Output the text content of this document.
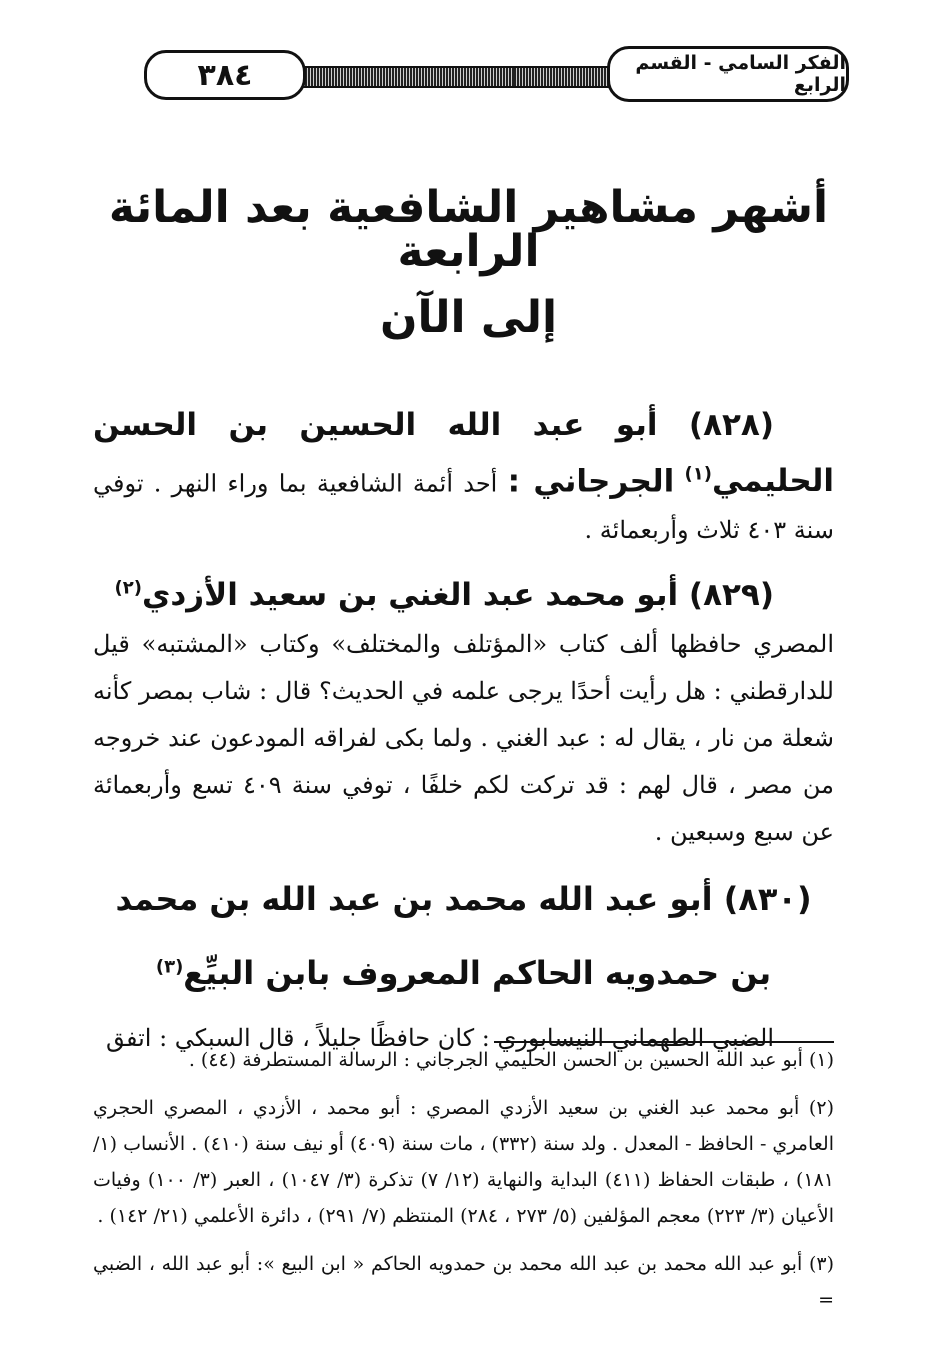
٣٨٤	الفكر السامي - القسم الرابع
أشهر مشاهير الشافعية بعد المائة الرابعة
إلى الآن

(٨٢٨) أبو عبد الله الحسين بن الحسن الحليمي$^{(١)}$ الجرجاني : أحد أئمة الشافعية بما وراء النهر . توفي سنة ٤٠٣ ثلاث وأربعمائة .

(٨٢٩) أبو محمد عبد الغني بن سعيد الأزدي$^{(٢)}$
المصري حافظها ألف كتاب «المؤتلف والمختلف» وكتاب «المشتبه» قيل للدارقطني : هل رأيت أحدًا يرجى علمه في الحديث؟ قال : شاب بمصر كأنه شعلة من نار ، يقال له : عبد الغني . ولما بكى لفراقه المودعون عند خروجه من مصر ، قال لهم : قد تركت لكم خلفًا ، توفي سنة ٤٠٩ تسع وأربعمائة عن سبع وسبعين .

(٨٣٠) أبو عبد الله محمد بن عبد الله بن محمد بن حمدويه الحاكم المعروف بابن البيِّع$^{(٣)}$

الضبي الطهماني النيسابوري : كان حافظًا جليلاً ، قال السبكي : اتفق

(١) أبو عبد الله الحسين بن الحسن الحليمي الجرجاني : الرسالة المستطرفة (٤٤) .

(٢) أبو محمد عبد الغني بن سعيد الأزدي المصري : أبو محمد ، الأزدي ، المصري الحجري العامري - الحافظ - المعدل . ولد سنة (٣٣٢) ، مات سنة (٤٠٩) أو نيف سنة (٤١٠) . الأنساب (١/ ١٨١) ، طبقات الحفاظ (٤١١) البداية والنهاية (١٢/ ٧) تذكرة (٣/ ١٠٤٧) ، العبر (٣/ ١٠٠) وفيات الأعيان (٣/ ٢٢٣) معجم المؤلفين (٥/ ٢٧٣ ، ٢٨٤) المنتظم (٧/ ٢٩١) ، دائرة الأعلمي (٢١/ ١٤٢) .

(٣) أبو عبد الله محمد بن عبد الله محمد بن حمدويه الحاكم « ابن البيع »: أبو عبد الله ، الضبي =
